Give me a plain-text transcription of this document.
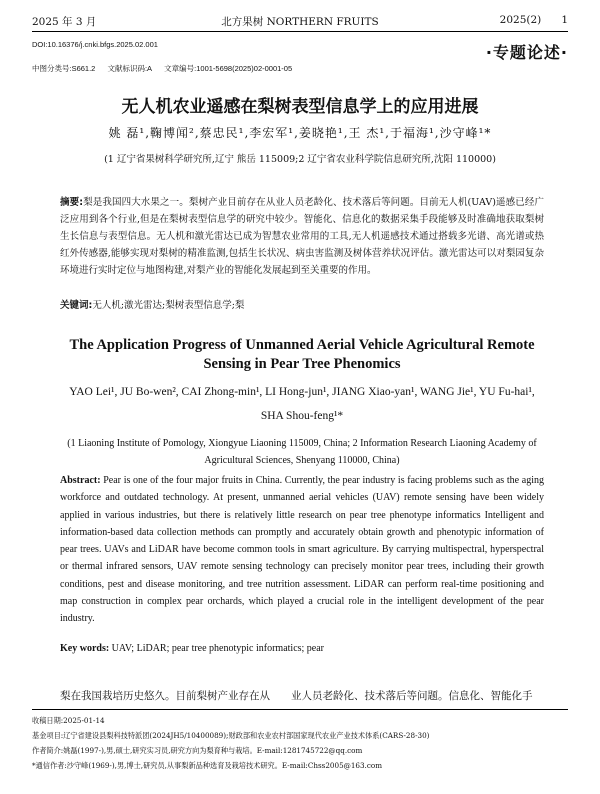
2025 年 3 月	北方果树 NORTHERN FRUITS	2025(2) 1
DOI:10.16376/j.cnki.bfgs.2025.02.001	·专题论述·
中图分类号:S661.2 文献标识码:A 文章编号:1001-5698(2025)02-0001-05
无人机农业遥感在梨树表型信息学上的应用进展
姚 磊¹,鞠博闻²,蔡忠民¹,李宏军¹,姜晓艳¹,王 杰¹,于福海¹,沙守峰¹*
(1 辽宁省果树科学研究所,辽宁 熊岳 115009;2 辽宁省农业科学院信息研究所,沈阳 110000)

摘要:梨是我国四大水果之一。梨树产业目前存在从业人员老龄化、技术落后等问题。目前无人机(UAV)遥感已经广泛应用到各个行业,但是在梨树表型信息学的研究中较少。智能化、信息化的数据采集手段能够及时准确地获取梨树生长信息与表型信息。无人机和激光雷达已成为智慧农业常用的工具,无人机遥感技术通过搭载多光谱、高光谱或热红外传感器,能够实现对梨树的精准监测,包括生长状况、病虫害监测及树体营养状况评估。激光雷达可以对梨园复杂环境进行实时定位与地图构建,对梨产业的智能化发展起到至关重要的作用。

关键词:无人机;激光雷达;梨树表型信息学;梨

The Application Progress of Unmanned Aerial Vehicle Agricultural Remote Sensing in Pear Tree Phenomics
YAO Lei¹, JU Bo-wen², CAI Zhong-min¹, LI Hong-jun¹, JIANG Xiao-yan¹, WANG Jie¹, YU Fu-hai¹, SHA Shou-feng¹*
(1 Liaoning Institute of Pomology, Xiongyue Liaoning 115009, China; 2 Information Research Liaoning Academy of Agricultural Sciences, Shenyang 110000, China)

Abstract: Pear is one of the four major fruits in China. Currently, the pear industry is facing problems such as the aging workforce and outdated technology. At present, unmanned aerial vehicles (UAV) remote sensing have been widely applied in various industries, but there is relatively little research on pear tree phenotype informatics Intelligent and information-based data collection methods can promptly and accurately obtain growth and phenotypic information of pear trees. UAVs and LiDAR have become common tools in smart agriculture. By carrying multispectral, hyperspectral or thermal infrared sensors, UAV remote sensing technology can precisely monitor pear trees, including their growth conditions, pest and disease monitoring, and tree nutrition assessment. LiDAR can perform real-time positioning and map construction in complex pear orchards, which played a crucial role in the intelligent development of the pear industry.

Key words: UAV; LiDAR; pear tree phenotypic informatics; pear

梨在我国栽培历史悠久。目前梨树产业存在从　　业人员老龄化、技术落后等问题。信息化、智能化手
收稿日期:2025-01-14
基金项目:辽宁省建设县梨科技特派团(2024JH5/10400089);财政部和农业农村部国家现代农业产业技术体系(CARS-28-30)
作者简介:姚磊(1997-),男,硕士,研究实习员,研究方向为梨育种与栽培。E-mail:1281745722@qq.com
*通信作者:沙守峰(1969-),男,博士,研究员,从事梨新品种选育及栽培技术研究。E-mail:Chss2005@163.com
